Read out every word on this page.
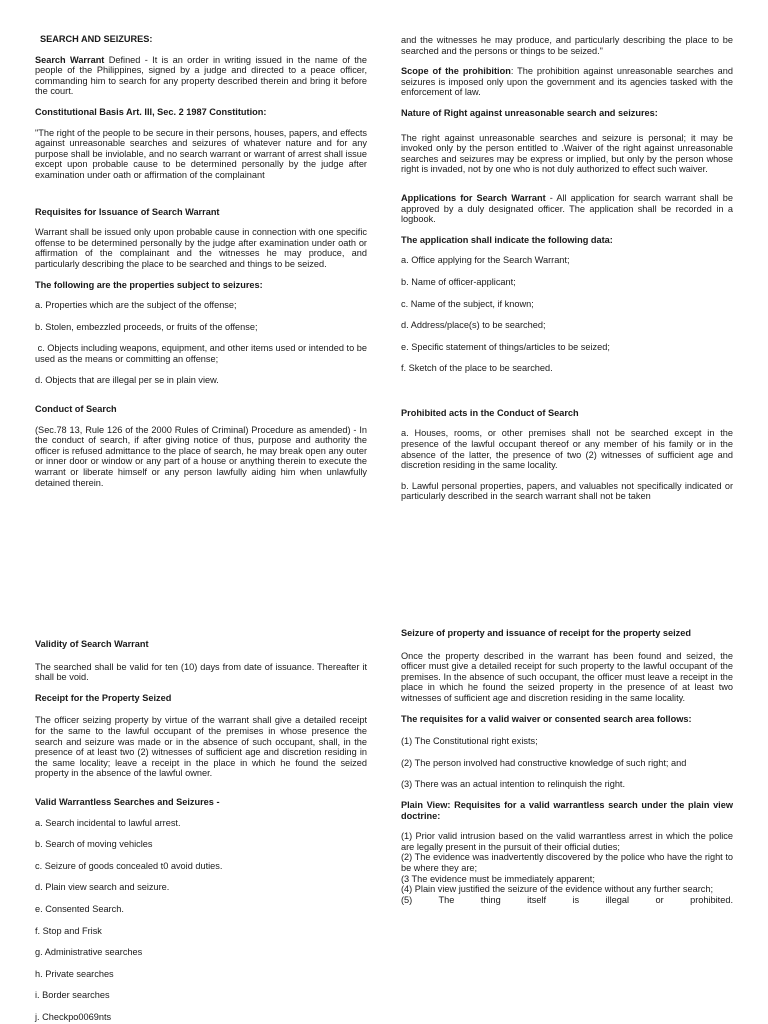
SEARCH AND SEIZURES:

Search Warrant Defined - It is an order in writing issued in the name of the people of the Philippines, signed by a judge and directed to a peace officer, commanding him to search for any property described therein and bring it before the court.

Constitutional Basis Art. III, Sec. 2 1987 Constitution:

"The right of the people to be secure in their persons, houses, papers, and effects against unreasonable searches and seizures of whatever nature and for any purpose shall be inviolable, and no search warrant or warrant of arrest shall issue except upon probable cause to be determined personally by the judge after examination under oath or affirmation of the complainant

Requisites for Issuance of Search Warrant

Warrant shall be issued only upon probable cause in connection with one specific offense to be determined personally by the judge after examination under oath or affirmation of the complainant and the witnesses he may produce, and particularly describing the place to be searched and things to be seized.

The following are the properties subject to seizures:

a. Properties which are the subject of the offense;

b. Stolen, embezzled proceeds, or fruits of the offense;

c. Objects including weapons, equipment, and other items used or intended to be used as the means or committing an offense;

d. Objects that are illegal per se in plain view.

Conduct of Search

(Sec.78 13, Rule 126 of the 2000 Rules of Criminal) Procedure as amended) - In the conduct of search, if after giving notice of thus, purpose and authority the officer is refused admittance to the place of search, he may break open any outer or inner door or window or any part of a house or anything therein to execute the warrant or liberate himself or any person lawfully aiding him when unlawfully detained therein.

and the witnesses he may produce, and particularly describing the place to be searched and the persons or things to be seized."

Scope of the prohibition: The prohibition against unreasonable searches and seizures is imposed only upon the government and its agencies tasked with the enforcement of law.

Nature of Right against unreasonable search and seizures:

The right against unreasonable searches and seizure is personal; it may be invoked only by the person entitled to .Waiver of the right against unreasonable searches and seizures may be express or implied, but only by the person whose right is invaded, not by one who is not duly authorized to effect such waiver.

Applications for Search Warrant - All application for search warrant shall be approved by a duly designated officer. The application shall be recorded in a logbook.

The application shall indicate the following data:

a. Office applying for the Search Warrant;

b. Name of officer-applicant;

c. Name of the subject, if known;

d. Address/place(s) to be searched;

e. Specific statement of things/articles to be seized;

f. Sketch of the place to be searched.

Prohibited acts in the Conduct of Search

a. Houses, rooms, or other premises shall not be searched except in the presence of the lawful occupant thereof or any member of his family or in the absence of the latter, the presence of two (2) witnesses of sufficient age and discretion residing in the same locality.

b. Lawful personal properties, papers, and valuables not specifically indicated or particularly described in the search warrant shall not be taken

Validity of Search Warrant

The searched shall be valid for ten (10) days from date of issuance. Thereafter it shall be void.

Receipt for the Property Seized

The officer seizing property by virtue of the warrant shall give a detailed receipt for the same to the lawful occupant of the premises in whose presence the search and seizure was made or in the absence of such occupant, shall, in the presence of at least two (2) witnesses of sufficient age and discretion residing in the same locality; leave a receipt in the place in which he found the seized property in the absence of the lawful owner.

Valid Warrantless Searches and Seizures -

a. Search incidental to lawful arrest.

b. Search of moving vehicles

c. Seizure of goods concealed t0 avoid duties.

d. Plain view search and seizure.

e. Consented Search.

f. Stop and Frisk

g. Administrative searches

h. Private searches

i. Border searches

j. Checkpo0069nts

Seizure of property and issuance of receipt for the property seized

Once the property described in the warrant has been found and seized, the officer must give a detailed receipt for such property to the lawful occupant of the premises. In the absence of such occupant, the officer must leave a receipt in the place in which he found the seized property in the presence of at least two witnesses of sufficient age and discretion residing in the same locality.

The requisites for a valid waiver or consented search area follows:

(1) The Constitutional right exists;

(2) The person involved had constructive knowledge of such right; and

(3) There was an actual intention to relinquish the right.

Plain View: Requisites for a valid warrantless search under the plain view doctrine:

(1) Prior valid intrusion based on the valid warrantless arrest in which the police are legally present in the pursuit of their official duties;

(2) The evidence was inadvertently discovered by the police who have the right to be where they are;

(3 The evidence must be immediately apparent;

(4) Plain view justified the seizure of the evidence without any further search;

(5) The thing itself is illegal or prohibited.
